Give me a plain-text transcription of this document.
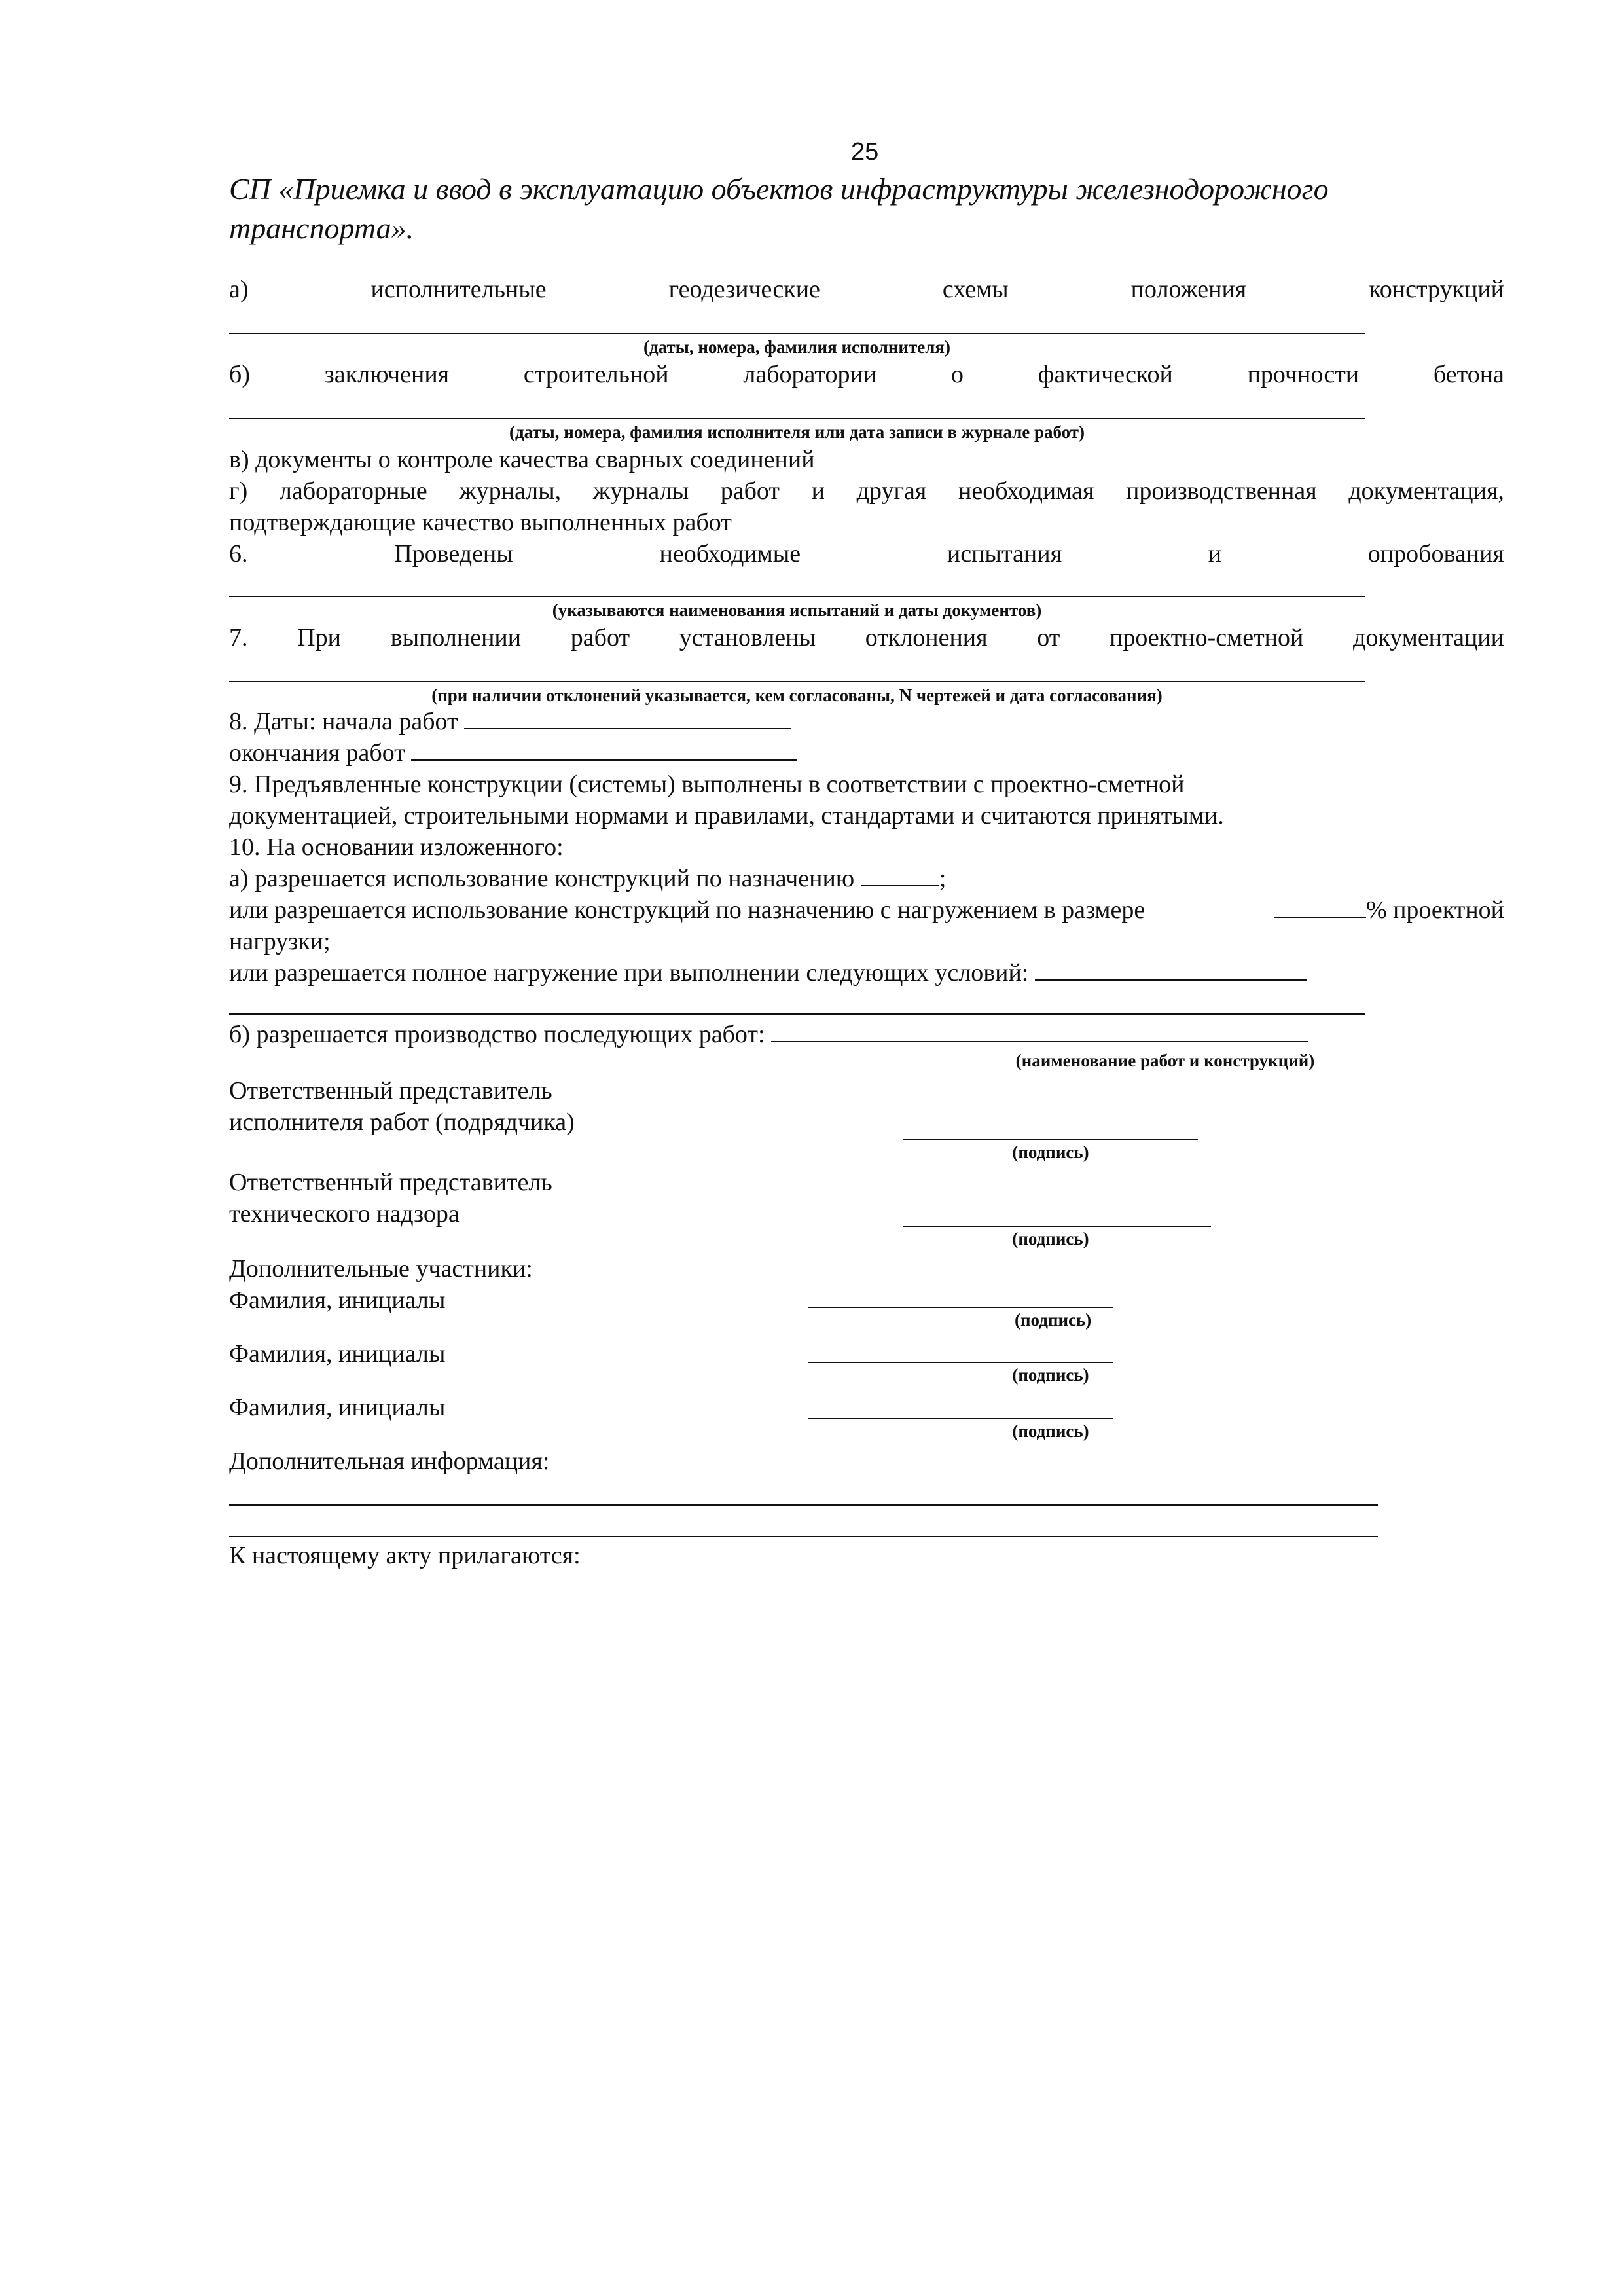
25
СП «Приемка и ввод в эксплуатацию объектов инфраструктуры железнодорожного
транспорта».
а)	исполнительные	геодезические	схемы	положения	конструкций
(даты, номера, фамилия исполнителя)
б)	заключения	строительной	лаборатории	о	фактической	прочности	бетона
(даты, номера, фамилия исполнителя или дата записи в журнале работ)
в) документы о контроле качества сварных соединений
г) лабораторные журналы, журналы работ и другая необходимая производственная документация,
подтверждающие качество выполненных работ
6.	Проведены	необходимые	испытания	и	опробования
(указываются наименования испытаний и даты документов)
7. При выполнении работ установлены отклонения от проектно-сметной документации
(при наличии отклонений указывается, кем согласованы, N чертежей и дата согласования)
8. Даты: начала работ
окончания работ
9. Предъявленные конструкции (системы) выполнены в соответствии с проектно-сметной
документацией, строительными нормами и правилами, стандартами и считаются принятыми.
10. На основании изложенного:
а) разрешается использование конструкций по назначению	;
или разрешается использование конструкций по назначению с нагружением в размере	% проектной
нагрузки;
или разрешается полное нагружение при выполнении следующих условий:
б) разрешается производство последующих работ:
(наименование работ и конструкций)
Ответственный представитель
исполнителя работ (подрядчика)
(подпись)
Ответственный представитель
технического надзора
(подпись)
Дополнительные участники:
Фамилия, инициалы
(подпись)
Фамилия, инициалы
(подпись)
Фамилия, инициалы
(подпись)
Дополнительная информация:
К настоящему акту прилагаются:
